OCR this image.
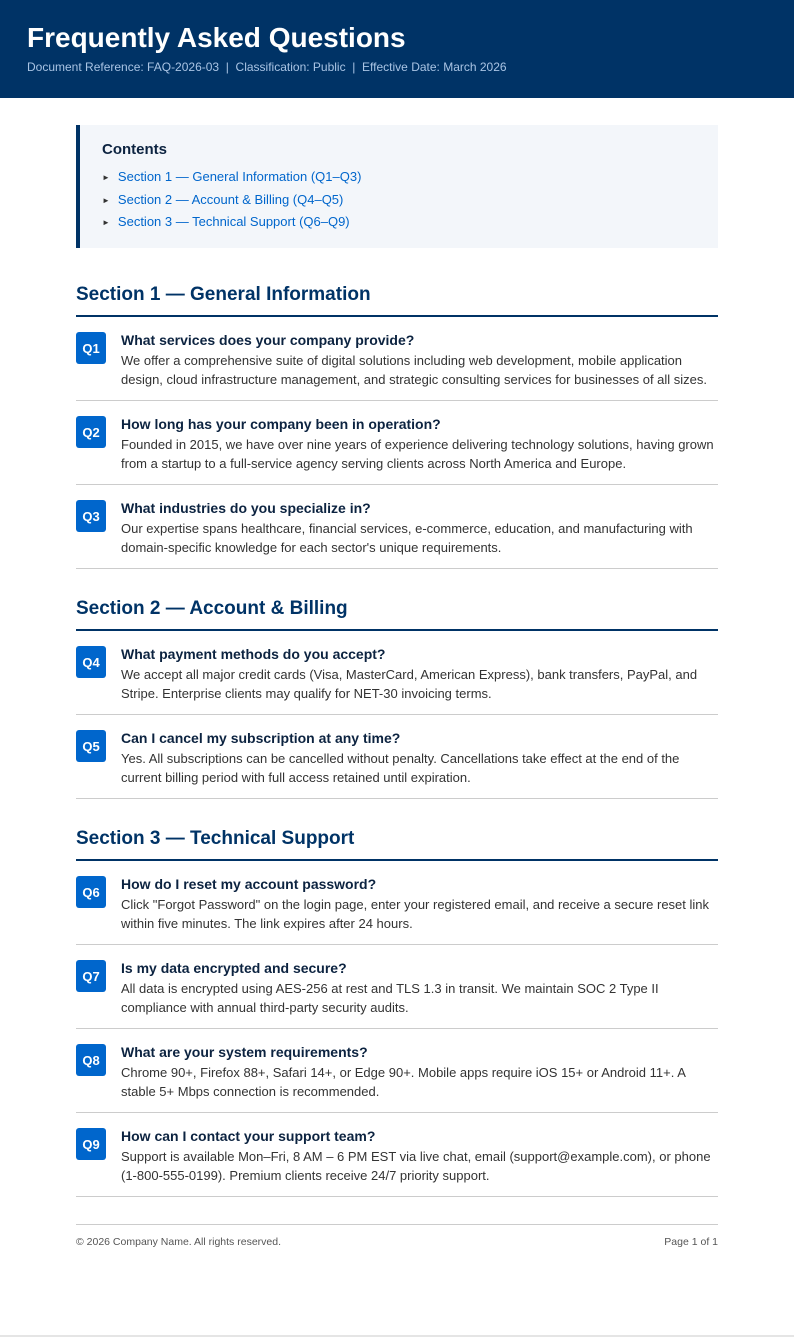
Frequently Asked Questions
Document Reference: FAQ-2026-03  |  Classification: Public  |  Effective Date: March 2026
Contents
► Section 1 — General Information (Q1–Q3)
► Section 2 — Account & Billing (Q4–Q5)
► Section 3 — Technical Support (Q6–Q9)
Section 1 — General Information
Q1	What services does your company provide?
We offer a comprehensive suite of digital solutions including web development, mobile application design, cloud infrastructure management, and strategic consulting services for businesses of all sizes.
Q2	How long has your company been in operation?
Founded in 2015, we have over nine years of experience delivering technology solutions, having grown from a startup to a full-service agency serving clients across North America and Europe.
Q3	What industries do you specialize in?
Our expertise spans healthcare, financial services, e-commerce, education, and manufacturing with domain-specific knowledge for each sector's unique requirements.
Section 2 — Account & Billing
Q4	What payment methods do you accept?
We accept all major credit cards (Visa, MasterCard, American Express), bank transfers, PayPal, and Stripe. Enterprise clients may qualify for NET-30 invoicing terms.
Q5	Can I cancel my subscription at any time?
Yes. All subscriptions can be cancelled without penalty. Cancellations take effect at the end of the current billing period with full access retained until expiration.
Section 3 — Technical Support
Q6	How do I reset my account password?
Click "Forgot Password" on the login page, enter your registered email, and receive a secure reset link within five minutes. The link expires after 24 hours.
Q7	Is my data encrypted and secure?
All data is encrypted using AES-256 at rest and TLS 1.3 in transit. We maintain SOC 2 Type II compliance with annual third-party security audits.
Q8	What are your system requirements?
Chrome 90+, Firefox 88+, Safari 14+, or Edge 90+. Mobile apps require iOS 15+ or Android 11+. A stable 5+ Mbps connection is recommended.
Q9	How can I contact your support team?
Support is available Mon–Fri, 8 AM – 6 PM EST via live chat, email (support@example.com), or phone (1-800-555-0199). Premium clients receive 24/7 priority support.
© 2026 Company Name. All rights reserved.	Page 1 of 1
